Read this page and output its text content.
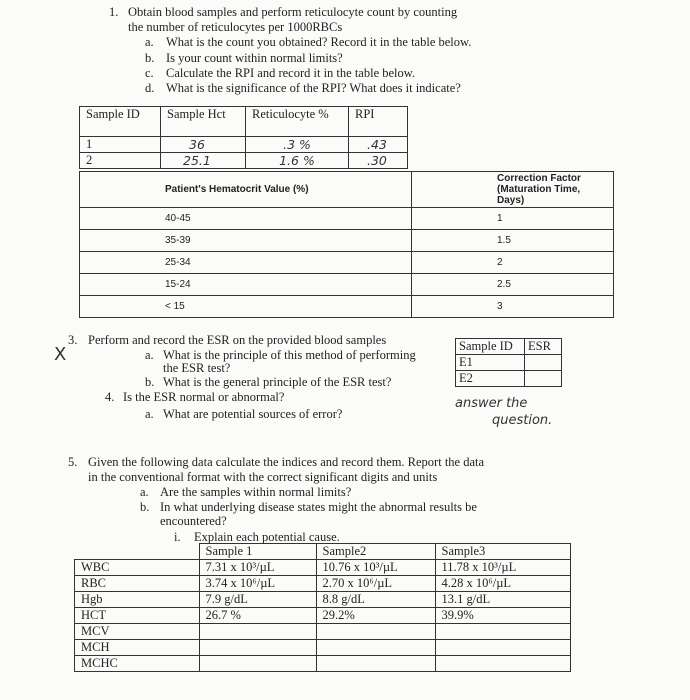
1. Obtain blood samples and perform reticulocyte count by counting
the number of reticulocytes per 1000RBCs
a. What is the count you obtained? Record it in the table below.
b. Is your count within normal limits?
c. Calculate the RPI and record it in the table below.
d. What is the significance of the RPI? What does it indicate?
Sample ID	Sample Hct	Reticulocyte %	RPI
1	36	.3 %	.43
2	25.1	1.6 %	.30
Patient's Hematocrit Value (%)	Correction Factor (Maturation Time, Days)
40-45	1
35-39	1.5
25-34	2
15-24	2.5
< 15	3
X
3. Perform and record the ESR on the provided blood samples
a. What is the principle of this method of performing
the ESR test?
b. What is the general principle of the ESR test?
4. Is the ESR normal or abnormal?
a. What are potential sources of error?
Sample ID	ESR
E1	
E2	
answer the
question.
5. Given the following data calculate the indices and record them. Report the data
in the conventional format with the correct significant digits and units
a. Are the samples within normal limits?
b. In what underlying disease states might the abnormal results be
encountered?
i. Explain each potential cause.
	Sample 1	Sample2	Sample3
WBC	7.31 x 10³/µL	10.76 x 10³/µL	11.78 x 10³/µL
RBC	3.74 x 10⁶/µL	2.70 x 10⁶/µL	4.28 x 10⁶/µL
Hgb	7.9 g/dL	8.8 g/dL	13.1 g/dL
HCT	26.7 %	29.2%	39.9%
MCV			
MCH			
MCHC			
